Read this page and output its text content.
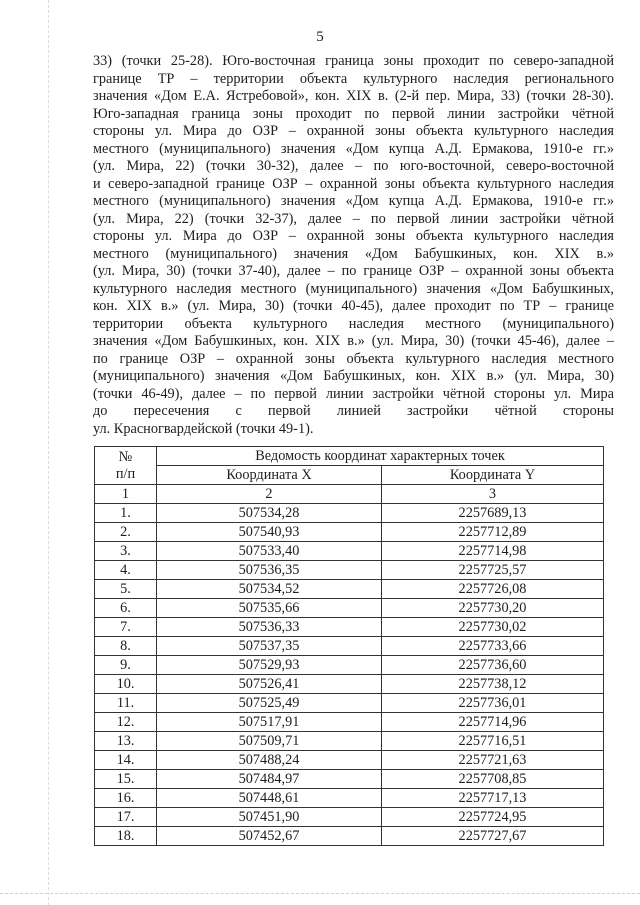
5
33) (точки 25-28). Юго-восточная граница зоны проходит по северо-западной
границе ТР – территории объекта культурного наследия регионального
значения «Дом Е.А. Ястребовой», кон. XIX в. (2-й пер. Мира, 33) (точки 28-30).
Юго-западная граница зоны проходит по первой линии застройки чётной
стороны ул. Мира до ОЗР – охранной зоны объекта культурного наследия
местного (муниципального) значения «Дом купца А.Д. Ермакова, 1910-е гг.»
(ул. Мира, 22) (точки 30-32), далее – по юго-восточной, северо-восточной
и северо-западной границе ОЗР – охранной зоны объекта культурного наследия
местного (муниципального) значения «Дом купца А.Д. Ермакова, 1910-е гг.»
(ул. Мира, 22) (точки 32-37), далее – по первой линии застройки чётной
стороны ул. Мира до ОЗР – охранной зоны объекта культурного наследия
местного (муниципального) значения «Дом Бабушкиных, кон. XIX в.»
(ул. Мира, 30) (точки 37-40), далее – по границе ОЗР – охранной зоны объекта
культурного наследия местного (муниципального) значения «Дом Бабушкиных,
кон. XIX в.» (ул. Мира, 30) (точки 40-45), далее проходит по ТР – границе
территории объекта культурного наследия местного (муниципального)
значения «Дом Бабушкиных, кон. XIX в.» (ул. Мира, 30) (точки 45-46), далее –
по границе ОЗР – охранной зоны объекта культурного наследия местного
(муниципального) значения «Дом Бабушкиных, кон. XIX в.» (ул. Мира, 30)
(точки 46-49), далее – по первой линии застройки чётной стороны ул. Мира
до пересечения с первой линией застройки чётной стороны
ул. Красногвардейской (точки 49-1).
№
п/п	Ведомость координат характерных точек	
	Координата X	Координата Y
1	2	3
1.	507534,28	2257689,13
2.	507540,93	2257712,89
3.	507533,40	2257714,98
4.	507536,35	2257725,57
5.	507534,52	2257726,08
6.	507535,66	2257730,20
7.	507536,33	2257730,02
8.	507537,35	2257733,66
9.	507529,93	2257736,60
10.	507526,41	2257738,12
11.	507525,49	2257736,01
12.	507517,91	2257714,96
13.	507509,71	2257716,51
14.	507488,24	2257721,63
15.	507484,97	2257708,85
16.	507448,61	2257717,13
17.	507451,90	2257724,95
18.	507452,67	2257727,67
